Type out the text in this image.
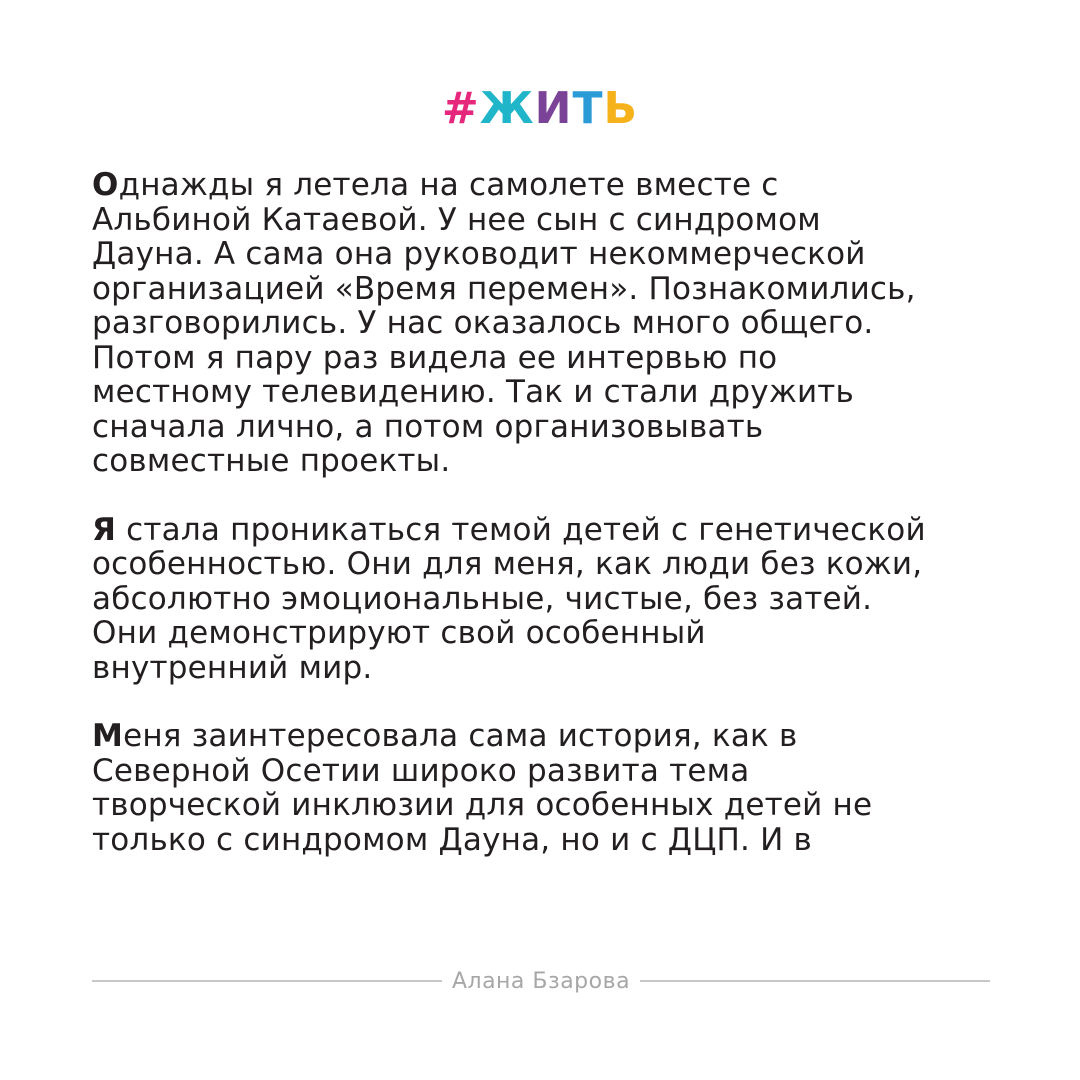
#ЖИТЬ
Однажды я летела на самолете вместе с
Альбиной Катаевой. У нее сын с синдромом
Дауна. А сама она руководит некоммерческой
организацией «Время перемен». Познакомились,
разговорились. У нас оказалось много общего.
Потом я пару раз видела ее интервью по
местному телевидению. Так и стали дружить
сначала лично, а потом организовывать
совместные проекты.
Я стала проникаться темой детей с генетической
особенностью. Они для меня, как люди без кожи,
абсолютно эмоциональные, чистые, без затей.
Они демонстрируют свой особенный
внутренний мир.
Меня заинтересовала сама история, как в
Северной Осетии широко развита тема
творческой инклюзии для особенных детей не
только с синдромом Дауна, но и с ДЦП. И в
Алана Бзарова
